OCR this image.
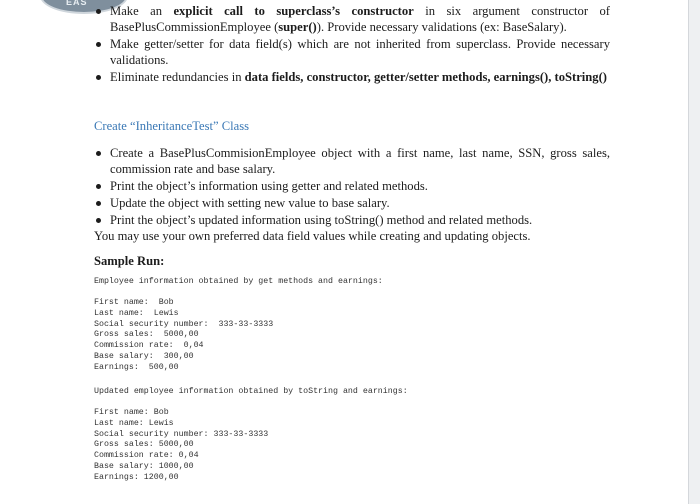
EAS
Make an explicit call to superclass’s constructor in six argument constructor of BasePlusCommissionEmployee (super()). Provide necessary validations (ex: BaseSalary).
Make getter/setter for data field(s) which are not inherited from superclass. Provide necessary validations.
Eliminate redundancies in data fields, constructor, getter/setter methods, earnings(), toString()
Create “InheritanceTest” Class
Create a BasePlusCommisionEmployee object with a first name, last name, SSN, gross sales, commission rate and base salary.
Print the object’s information using getter and related methods.
Update the object with setting new value to base salary.
Print the object’s updated information using toString() method and related methods.
You may use your own preferred data field values while creating and updating objects.
Sample Run:
Employee information obtained by get methods and earnings:
First name:  Bob
Last name:  Lewis
Social security number:  333-33-3333
Gross sales:  5000,00
Commission rate:  0,04
Base salary:  300,00
Earnings:  500,00
Updated employee information obtained by toString and earnings:
First name: Bob
Last name: Lewis
Social security number: 333-33-3333
Gross sales: 5000,00
Commission rate: 0,04
Base salary: 1000,00
Earnings: 1200,00
